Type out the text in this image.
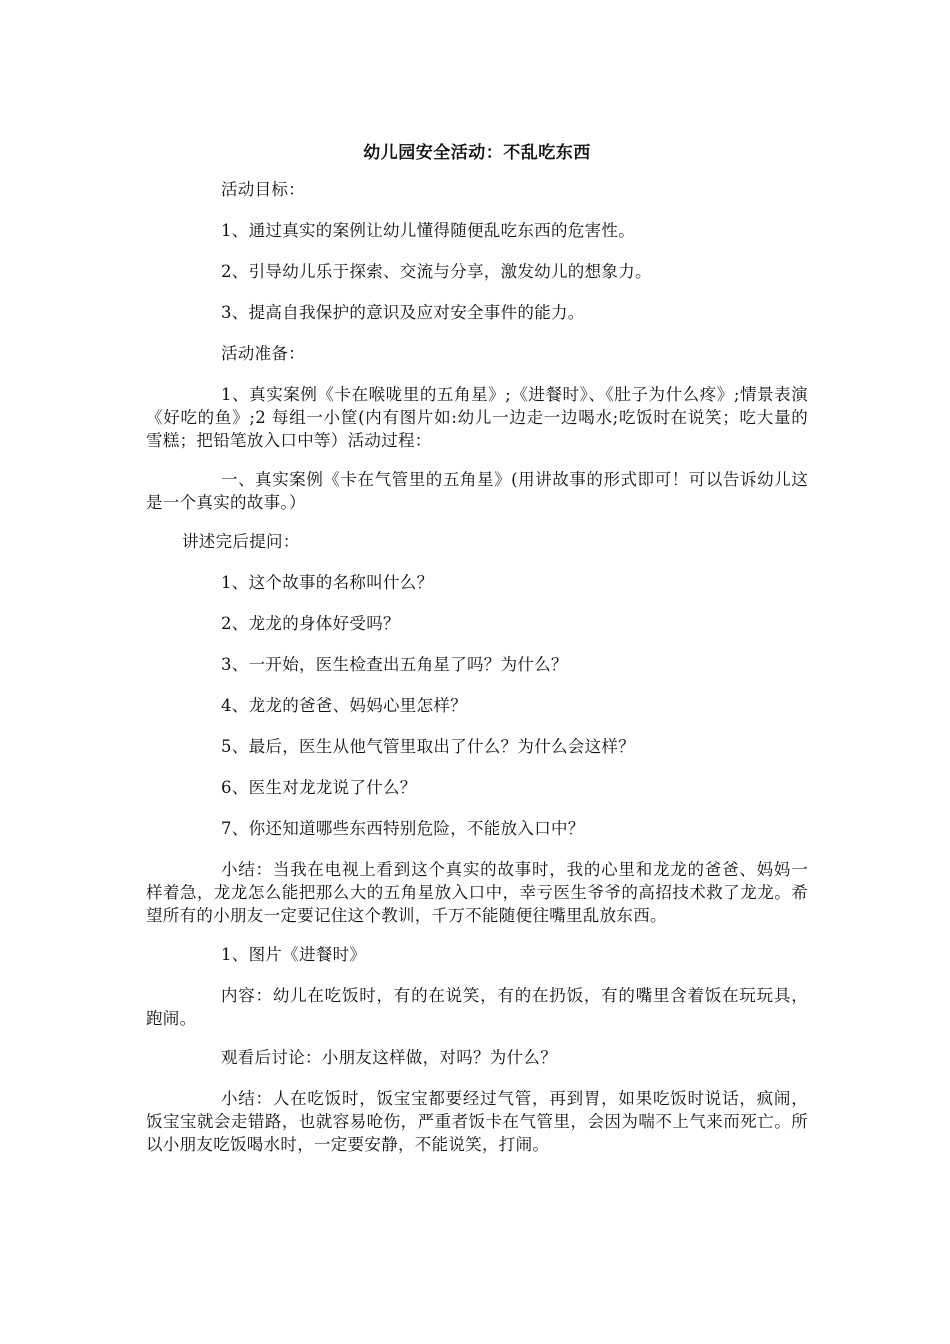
幼儿园安全活动：不乱吃东西

活动目标：

1、通过真实的案例让幼儿懂得随便乱吃东西的危害性。

2、引导幼儿乐于探索、交流与分享，激发幼儿的想象力。

3、提高自我保护的意识及应对安全事件的能力。

活动准备：

1、真实案例《卡在喉咙里的五角星》;《进餐时》、《肚子为什么疼》;情景表演《好吃的鱼》;2 每组一小筐(内有图片如:幼儿一边走一边喝水;吃饭时在说笑；吃大量的雪糕；把铅笔放入口中等）活动过程：

一、真实案例《卡在气管里的五角星》(用讲故事的形式即可！可以告诉幼儿这是一个真实的故事。）

讲述完后提问：

1、这个故事的名称叫什么？

2、龙龙的身体好受吗？

3、一开始，医生检查出五角星了吗？为什么？

4、龙龙的爸爸、妈妈心里怎样？

5、最后，医生从他气管里取出了什么？为什么会这样？

6、医生对龙龙说了什么？

7、你还知道哪些东西特别危险，不能放入口中？

小结：当我在电视上看到这个真实的故事时，我的心里和龙龙的爸爸、妈妈一样着急，龙龙怎么能把那么大的五角星放入口中，幸亏医生爷爷的高招技术救了龙龙。希望所有的小朋友一定要记住这个教训，千万不能随便往嘴里乱放东西。

1、图片《进餐时》

内容：幼儿在吃饭时，有的在说笑，有的在扔饭，有的嘴里含着饭在玩玩具，跑闹。

观看后讨论：小朋友这样做，对吗？为什么？

小结：人在吃饭时，饭宝宝都要经过气管，再到胃，如果吃饭时说话，疯闹，饭宝宝就会走错路，也就容易呛伤，严重者饭卡在气管里，会因为喘不上气来而死亡。所以小朋友吃饭喝水时，一定要安静，不能说笑，打闹。
